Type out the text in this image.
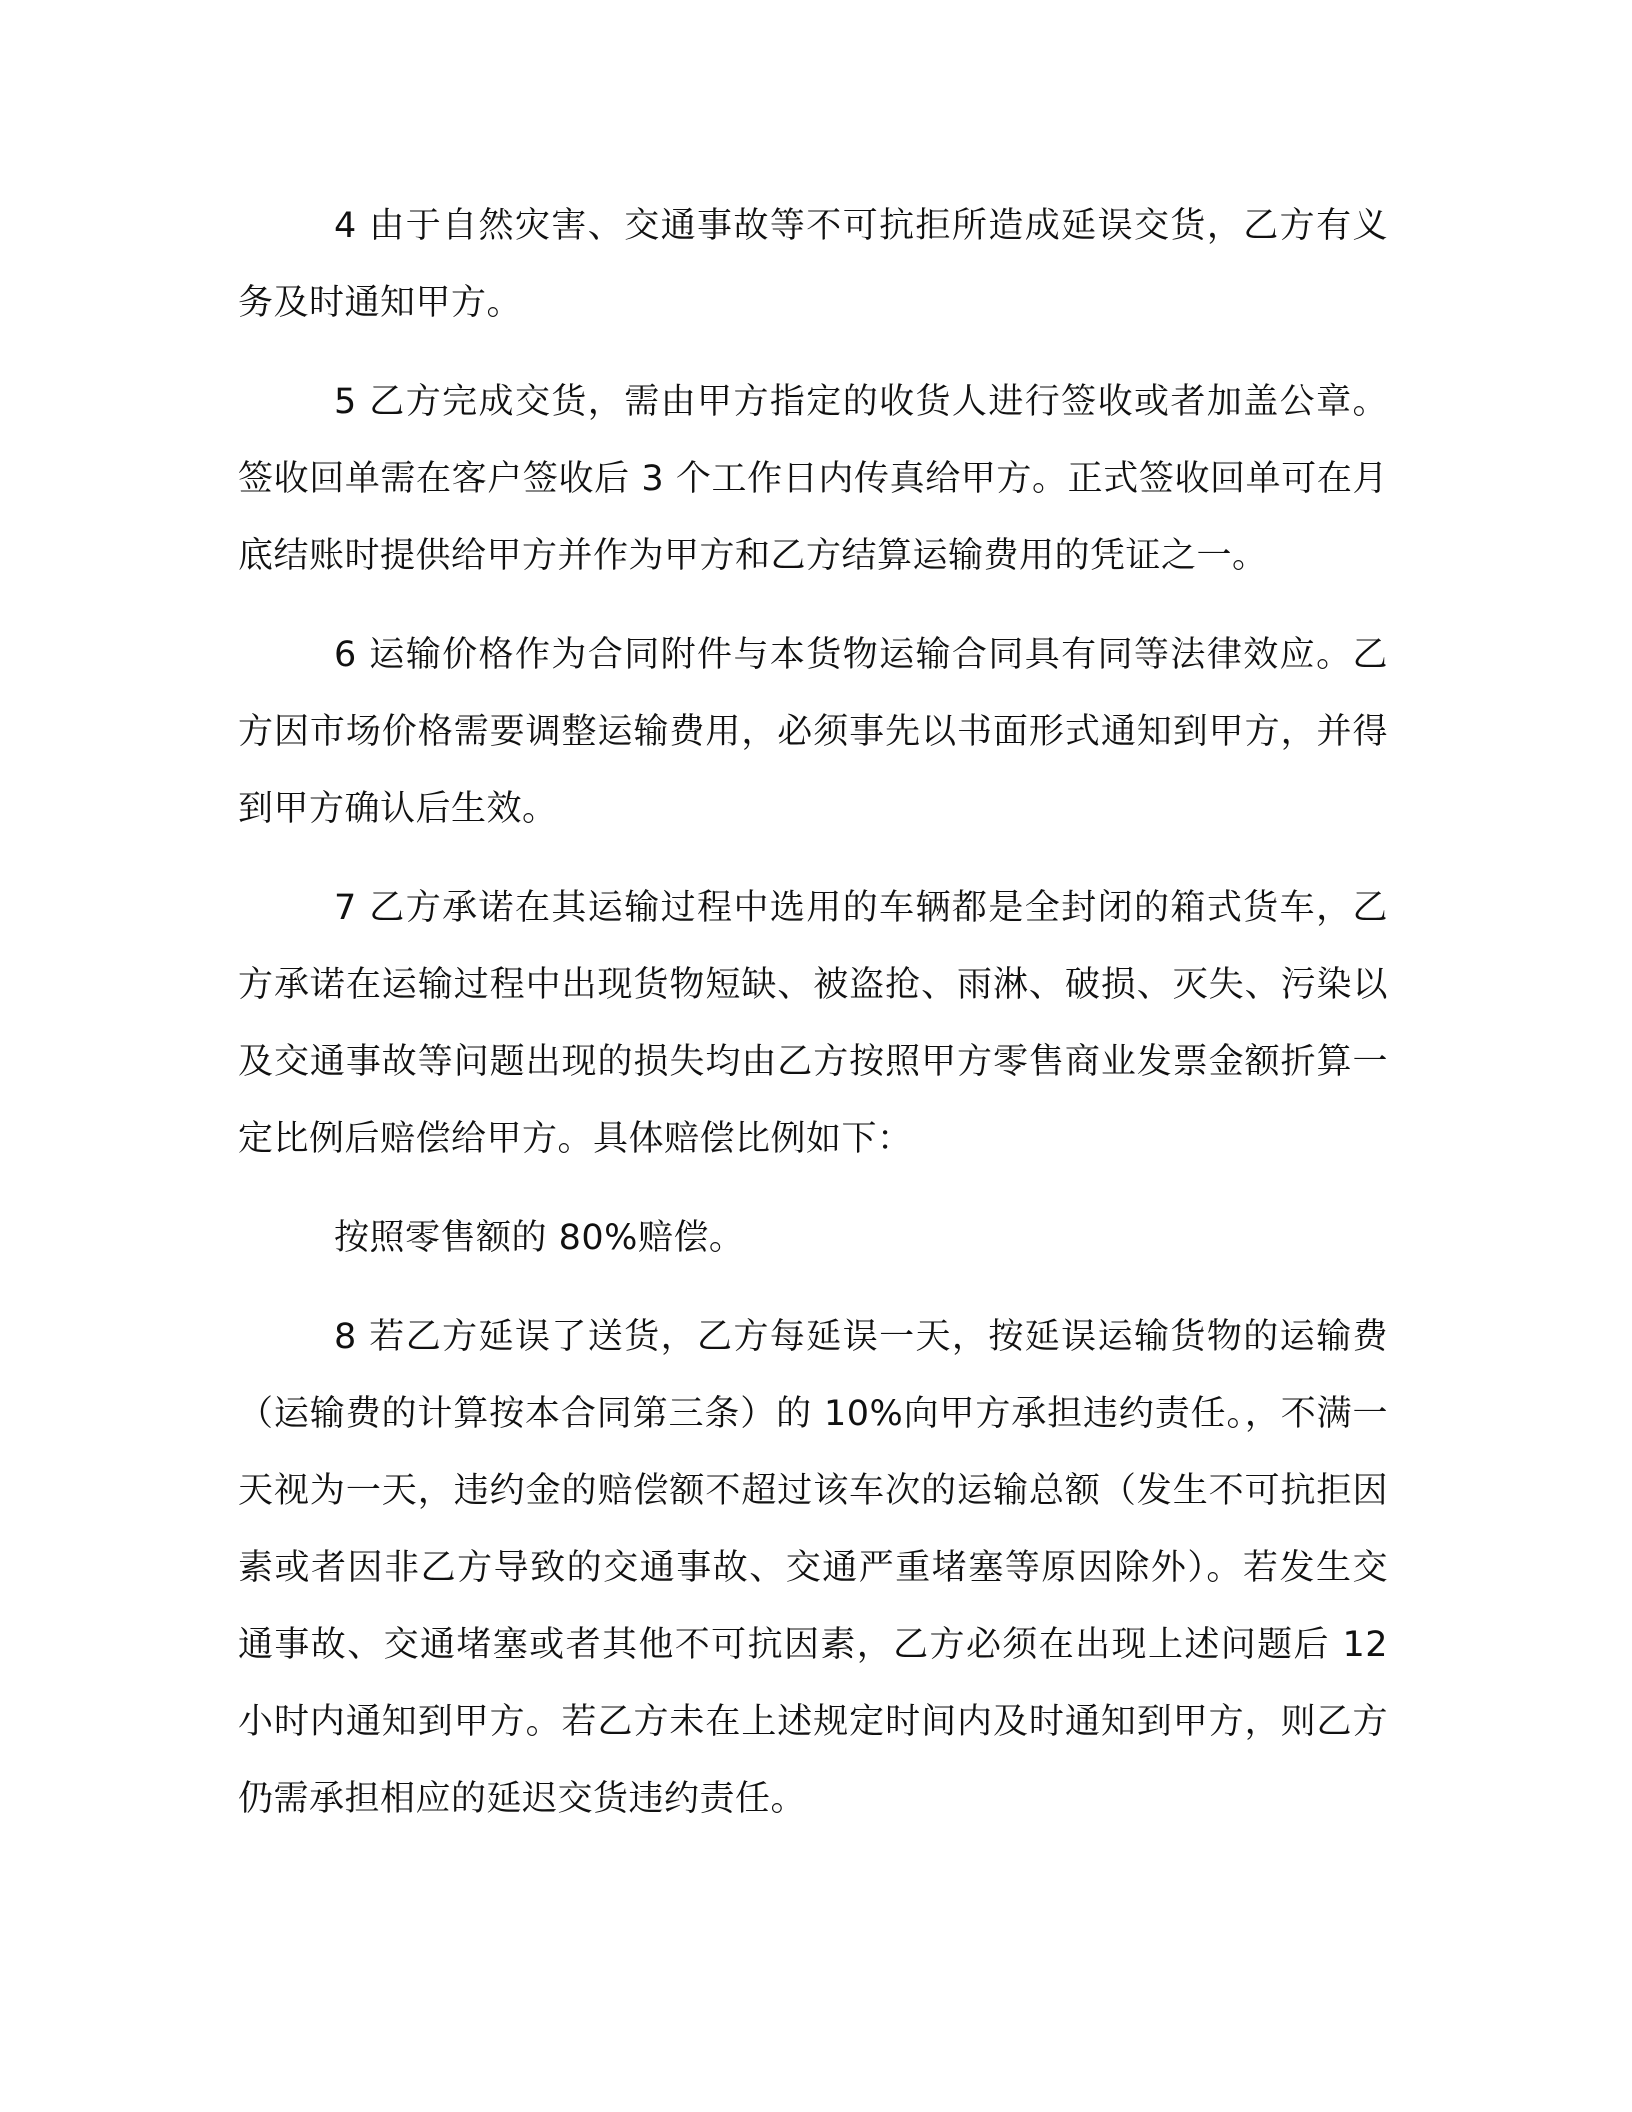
4 由于自然灾害、交通事故等不可抗拒所造成延误交货，乙方有义务及时通知甲方。

5 乙方完成交货，需由甲方指定的收货人进行签收或者加盖公章。签收回单需在客户签收后 3 个工作日内传真给甲方。正式签收回单可在月底结账时提供给甲方并作为甲方和乙方结算运输费用的凭证之一。

6 运输价格作为合同附件与本货物运输合同具有同等法律效应。乙方因市场价格需要调整运输费用，必须事先以书面形式通知到甲方，并得到甲方确认后生效。

7 乙方承诺在其运输过程中选用的车辆都是全封闭的箱式货车，乙方承诺在运输过程中出现货物短缺、被盗抢、雨淋、破损、灭失、污染以及交通事故等问题出现的损失均由乙方按照甲方零售商业发票金额折算一定比例后赔偿给甲方。具体赔偿比例如下：

按照零售额的 80%赔偿。

8 若乙方延误了送货，乙方每延误一天，按延误运输货物的运输费（运输费的计算按本合同第三条）的 10%向甲方承担违约责任。，不满一天视为一天，违约金的赔偿额不超过该车次的运输总额（发生不可抗拒因素或者因非乙方导致的交通事故、交通严重堵塞等原因除外）。若发生交通事故、交通堵塞或者其他不可抗因素，乙方必须在出现上述问题后 12 小时内通知到甲方。若乙方未在上述规定时间内及时通知到甲方，则乙方仍需承担相应的延迟交货违约责任。
